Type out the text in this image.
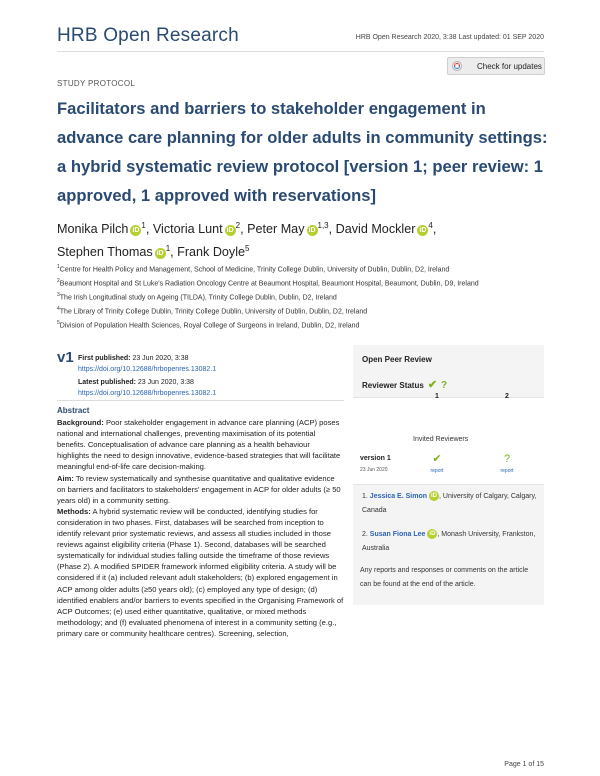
HRB Open Research	HRB Open Research 2020, 3:38 Last updated: 01 SEP 2020
Check for updates
STUDY PROTOCOL
Facilitators and barriers to stakeholder engagement in advance care planning for older adults in community settings: a hybrid systematic review protocol [version 1; peer review: 1 approved, 1 approved with reservations]
Monika Pilch $iD^1$, Victoria Lunt $iD^2$, Peter May iD$^{1,3}$, David Mockler $iD^4$,
Stephen Thomas $iD^1$, Frank Doyle$^5$
$^1$Centre for Health Policy and Management, School of Medicine, Trinity College Dublin, University of Dublin, Dublin, D2, Ireland
$^2$Beaumont Hospital and St Luke's Radiation Oncology Centre at Beaumont Hospital, Beaumont Hospital, Beaumont, Dublin, D9, Ireland
$^3$The Irish Longitudinal study on Ageing (TILDA), Trinity College Dublin, Dublin, D2, Ireland
$^4$The Library of Trinity College Dublin, Trinity College Dublin, University of Dublin, Dublin, D2, Ireland
$^5$Division of Population Health Sciences, Royal College of Surgeons in Ireland, Dublin, D2, Ireland
v1 First published: 23 Jun 2020, 3:38
https://doi.org/10.12688/hrbopenres.13082.1
Latest published: 23 Jun 2020, 3:38
https://doi.org/10.12688/hrbopenres.13082.1
Abstract

Background: Poor stakeholder engagement in advance care planning (ACP) poses national and international challenges, preventing maximisation of its potential benefits. Conceptualisation of advance care planning as a health behaviour highlights the need to design innovative, evidence-based strategies that will facilitate meaningful end-of-life care decision-making.

Aim: To review systematically and synthesise quantitative and qualitative evidence on barriers and facilitators to stakeholders' engagement in ACP for older adults (≥ 50 years old) in a community setting.

Methods: A hybrid systematic review will be conducted, identifying studies for consideration in two phases. First, databases will be searched from inception to identify relevant prior systematic reviews, and assess all studies included in those reviews against eligibility criteria (Phase 1). Second, databases will be searched systematically for individual studies falling outside the timeframe of those reviews (Phase 2). A modified SPIDER framework informed eligibility criteria. A study will be considered if it (a) included relevant adult stakeholders; (b) explored engagement in ACP among older adults (≥50 years old); (c) employed any type of design; (d) identified enablers and/or barriers to events specified in the Organising Framework of ACP Outcomes; (e) used either quantitative, qualitative, or mixed methods methodology; and (f) evaluated phenomena of interest in a community setting (e.g., primary care or community healthcare centres). Screening, selection,

Open Peer Review
Reviewer Status ✔ ?
Invited Reviewers
1	2
version 1
23 Jun 2020
✔
report
?
report
1. Jessica E. Simon iD , University of Calgary, Calgary, Canada
2. Susan Fiona Lee iD , Monash University, Frankston, Australia
Any reports and responses or comments on the article can be found at the end of the article.
Page 1 of 15
